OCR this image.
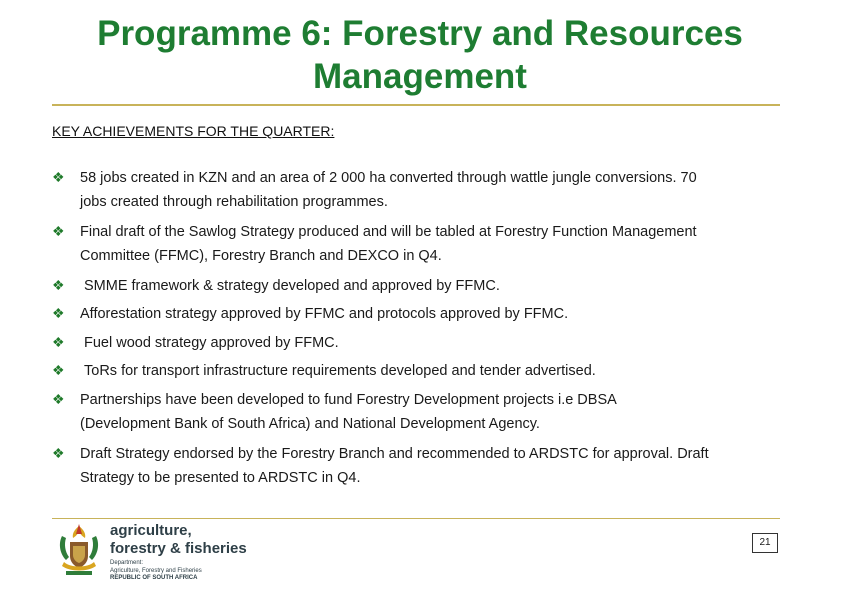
Programme 6: Forestry and Resources
Management
KEY ACHIEVEMENTS FOR THE QUARTER:
❖ 58 jobs created in KZN and an area of 2 000 ha converted through wattle jungle conversions. 70
jobs created through rehabilitation programmes.
❖ Final draft of the Sawlog Strategy produced and will be tabled at Forestry Function Management
Committee (FFMC), Forestry Branch and DEXCO in Q4.
❖ SMME framework & strategy developed and approved by FFMC.
❖ Afforestation strategy approved by FFMC and protocols approved by FFMC.
❖ Fuel wood strategy approved by FFMC.
❖ ToRs for transport infrastructure requirements developed and tender advertised.
❖ Partnerships have been developed to fund Forestry Development projects i.e DBSA
(Development Bank of South Africa) and National Development Agency.
❖ Draft Strategy endorsed by the Forestry Branch and recommended to ARDSTC for approval. Draft
Strategy to be presented to ARDSTC in Q4.
agriculture,
forestry & fisheries
Department:
Agriculture, Forestry and Fisheries
REPUBLIC OF SOUTH AFRICA
21
